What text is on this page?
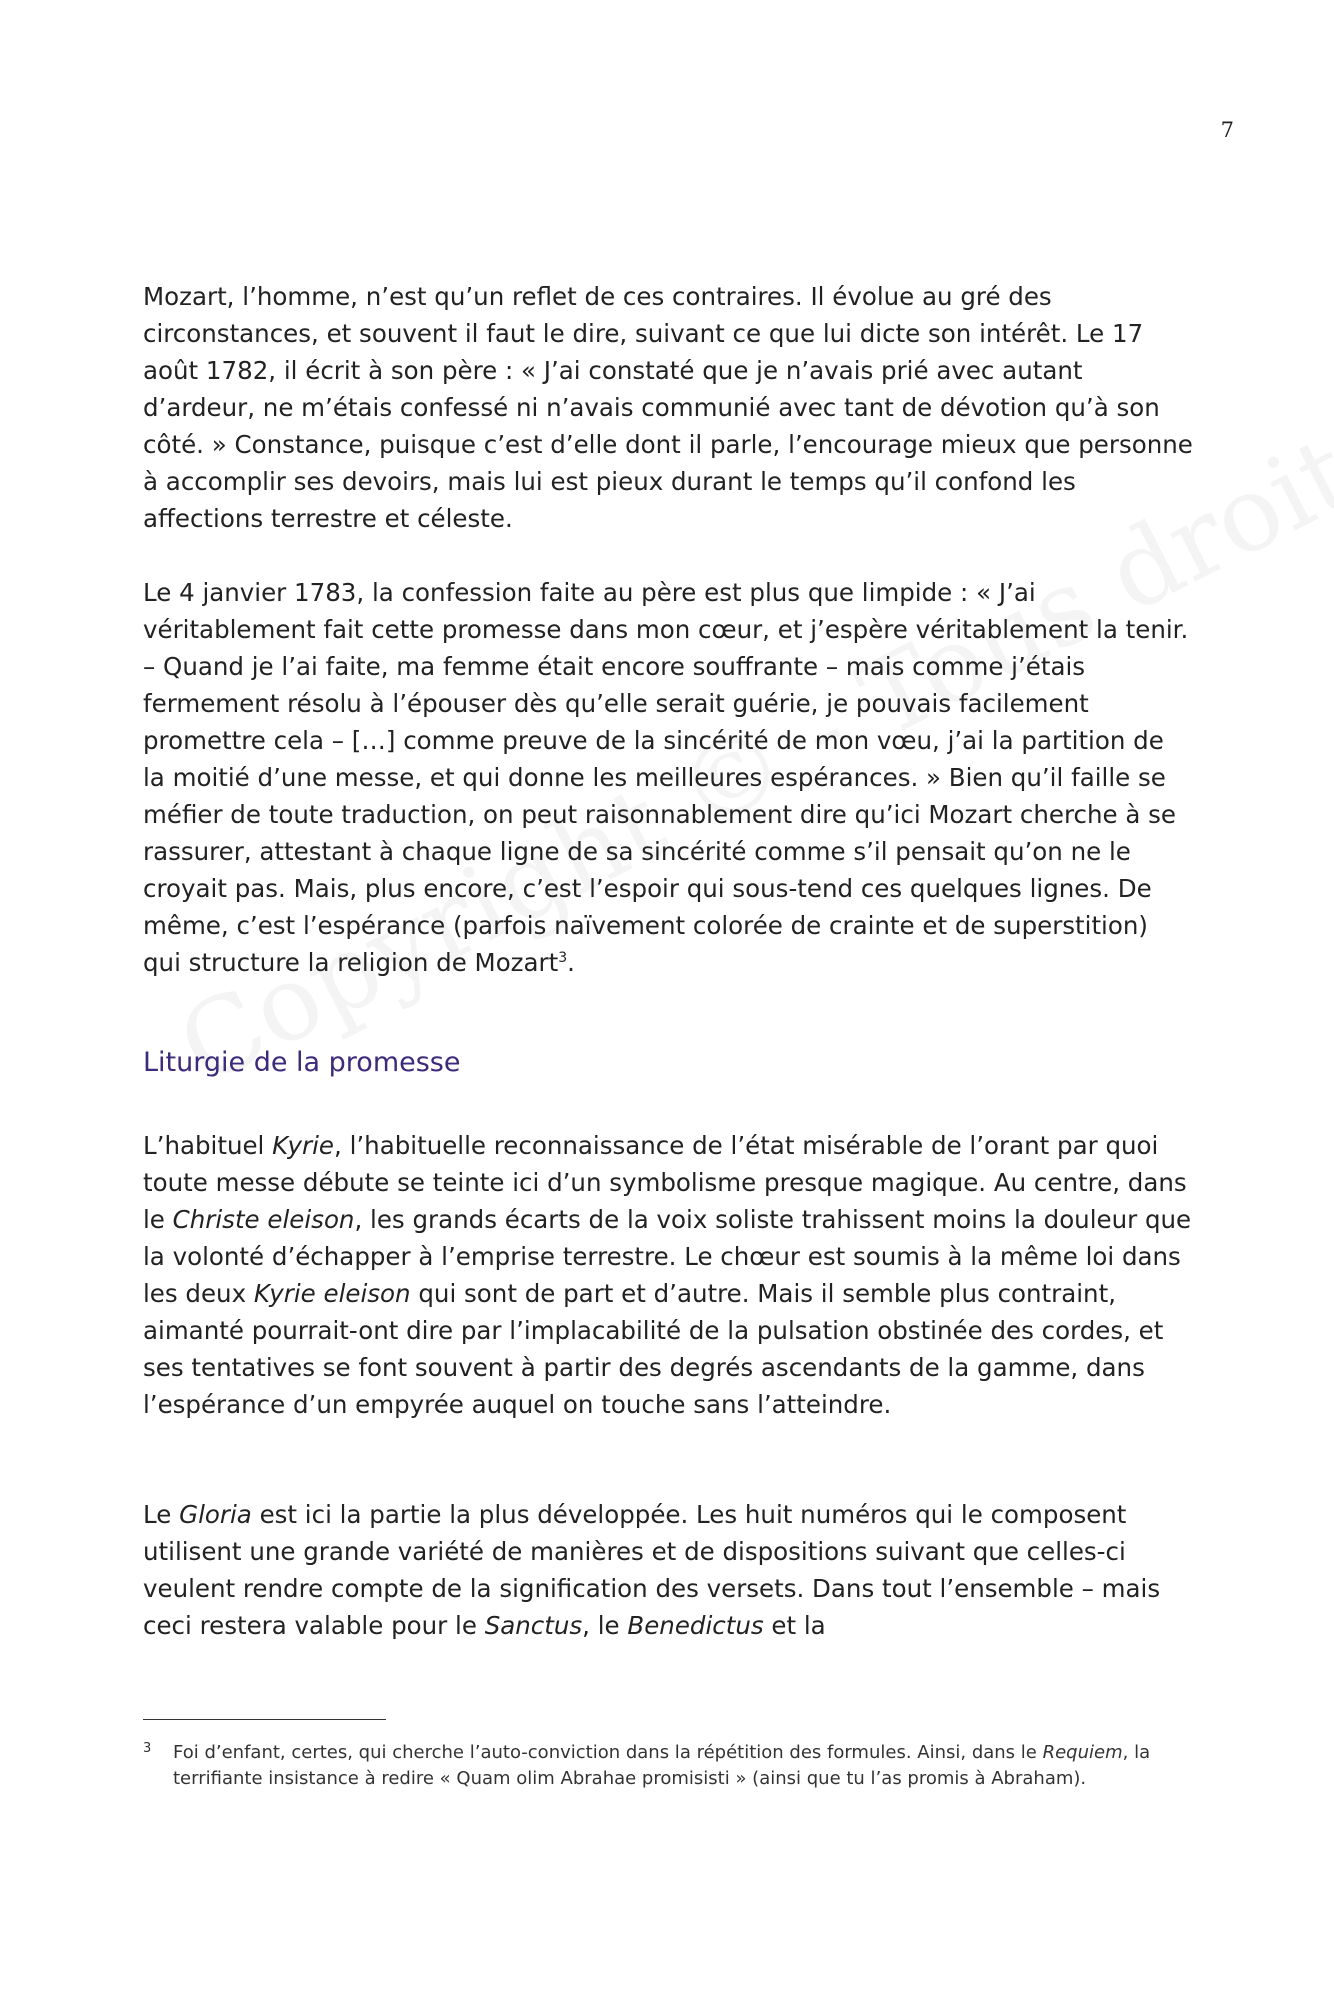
7

Mozart, l’homme, n’est qu’un reflet de ces contraires. Il évolue au gré des circonstances, et souvent il faut le dire, suivant ce que lui dicte son intérêt. Le 17 août 1782, il écrit à son père : « J’ai constaté que je n’avais prié avec autant d’ardeur, ne m’étais confessé ni n’avais communié avec tant de dévotion qu’à son côté. » Constance, puisque c’est d’elle dont il parle, l’encourage mieux que personne à accomplir ses devoirs, mais lui est pieux durant le temps qu’il confond les affections terrestre et céleste.

Le 4 janvier 1783, la confession faite au père est plus que limpide : « J’ai véritablement fait cette promesse dans mon cœur, et j’espère véritablement la tenir. – Quand je l’ai faite, ma femme était encore souffrante – mais comme j’étais fermement résolu à l’épouser dès qu’elle serait guérie, je pouvais facilement promettre cela – […] comme preuve de la sincérité de mon vœu, j’ai la partition de la moitié d’une messe, et qui donne les meilleures espérances. » Bien qu’il faille se méfier de toute traduction, on peut raisonnablement dire qu’ici Mozart cherche à se rassurer, attestant à chaque ligne de sa sincérité comme s’il pensait qu’on ne le croyait pas. Mais, plus encore, c’est l’espoir qui sous-tend ces quelques lignes. De même, c’est l’espérance (parfois naïvement colorée de crainte et de superstition) qui structure la religion de Mozart$^3$.

Liturgie de la promesse

L’habituel Kyrie, l’habituelle reconnaissance de l’état misérable de l’orant par quoi toute messe débute se teinte ici d’un symbolisme presque magique. Au centre, dans le Christe eleison, les grands écarts de la voix soliste trahissent moins la douleur que la volonté d’échapper à l’emprise terrestre. Le chœur est soumis à la même loi dans les deux Kyrie eleison qui sont de part et d’autre. Mais il semble plus contraint, aimanté pourrait-ont dire par l’implacabilité de la pulsation obstinée des cordes, et ses tentatives se font souvent à partir des degrés ascendants de la gamme, dans l’espérance d’un empyrée auquel on touche sans l’atteindre.

Le Gloria est ici la partie la plus développée. Les huit numéros qui le composent utilisent une grande variété de manières et de dispositions suivant que celles-ci veulent rendre compte de la signification des versets. Dans tout l’ensemble – mais ceci restera valable pour le Sanctus, le Benedictus et la

3 Foi d’enfant, certes, qui cherche l’auto-conviction dans la répétition des formules. Ainsi, dans le Requiem, la terrifiante insistance à redire « Quam olim Abrahae promisisti » (ainsi que tu l’as promis à Abraham).
